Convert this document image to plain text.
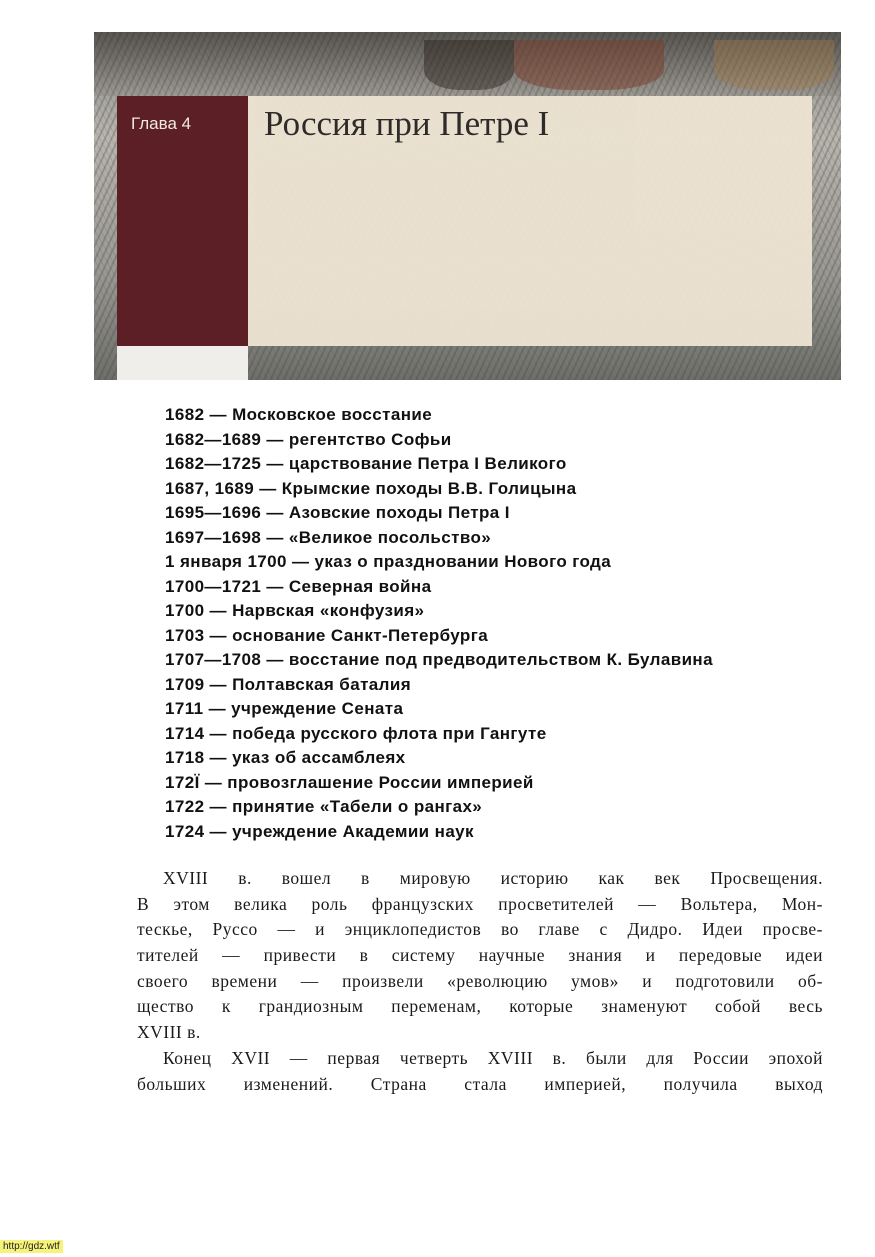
Глава 4 Россия при Петре I
1682 — Московское восстание
1682—1689 — регентство Софьи
1682—1725 — царствование Петра I Великого
1687, 1689 — Крымские походы В.В. Голицына
1695—1696 — Азовские походы Петра I
1697—1698 — «Великое посольство»
1 января 1700 — указ о праздновании Нового года
1700—1721 — Северная война
1700 — Нарвская «конфузия»
1703 — основание Санкт-Петербурга
1707—1708 — восстание под предводительством К. Булавина
1709 — Полтавская баталия
1711 — учреждение Сената
1714 — победа русского флота при Гангуте
1718 — указ об ассамблеях
172Ї — провозглашение России империей
1722 — принятие «Табели о рангах»
1724 — учреждение Академии наук
XVIII в. вошел в мировую историю как век Просвещения.
В этом велика роль французских просветителей — Вольтера, Мон-
тескье, Руссо — и энциклопедистов во главе с Дидро. Идеи просве-
тителей — привести в систему научные знания и передовые идеи
своего времени — произвели «революцию умов» и подготовили об-
щество к грандиозным переменам, которые знаменуют собой весь
XVIII в.
Конец XVII — первая четверть XVIII в. были для России эпохой
больших изменений. Страна стала империей, получила выход
http://gdz.wtf
